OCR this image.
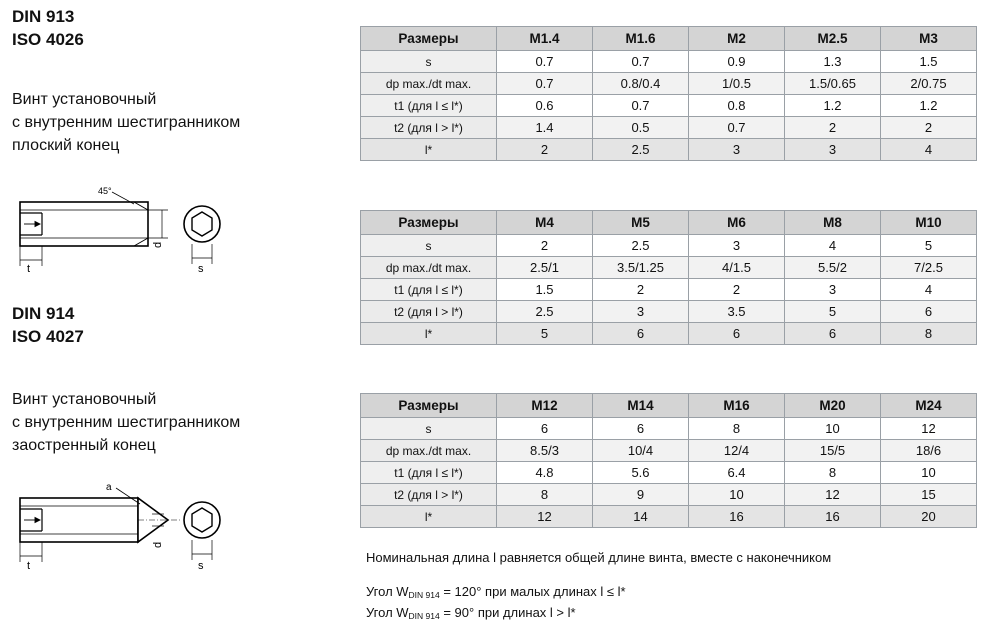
DIN 913
ISO 4026
Винт установочный
с внутренним шестигранником
плоский конец
45°
t
d
s
DIN 914
ISO 4027
Винт установочный
с внутренним шестигранником
заостренный конец
a
t
d
s
Размеры	M1.4	M1.6	M2	M2.5	M3
s	0.7	0.7	0.9	1.3	1.5
dp max./dt max.	0.7	0.8/0.4	1/0.5	1.5/0.65	2/0.75
t1 (для l ≤ l*)	0.6	0.7	0.8	1.2	1.2
t2 (для l > l*)	1.4	0.5	0.7	2	2
l*	2	2.5	3	3	4
Размеры	M4	M5	M6	M8	M10
s	2	2.5	3	4	5
dp max./dt max.	2.5/1	3.5/1.25	4/1.5	5.5/2	7/2.5
t1 (для l ≤ l*)	1.5	2	2	3	4
t2 (для l > l*)	2.5	3	3.5	5	6
l*	5	6	6	6	8
Размеры	M12	M14	M16	M20	M24
s	6	6	8	10	12
dp max./dt max.	8.5/3	10/4	12/4	15/5	18/6
t1 (для l ≤ l*)	4.8	5.6	6.4	8	10
t2 (для l > l*)	8	9	10	12	15
l*	12	14	16	16	20
Номинальная длина l равняется общей длине винта, вместе с наконечником
Угол $W_{DIN 914} = 120^\circ$ при малых длинах l ≤ l*
Угол $W_{DIN 914} = 90^\circ$ при длинах l > l*
